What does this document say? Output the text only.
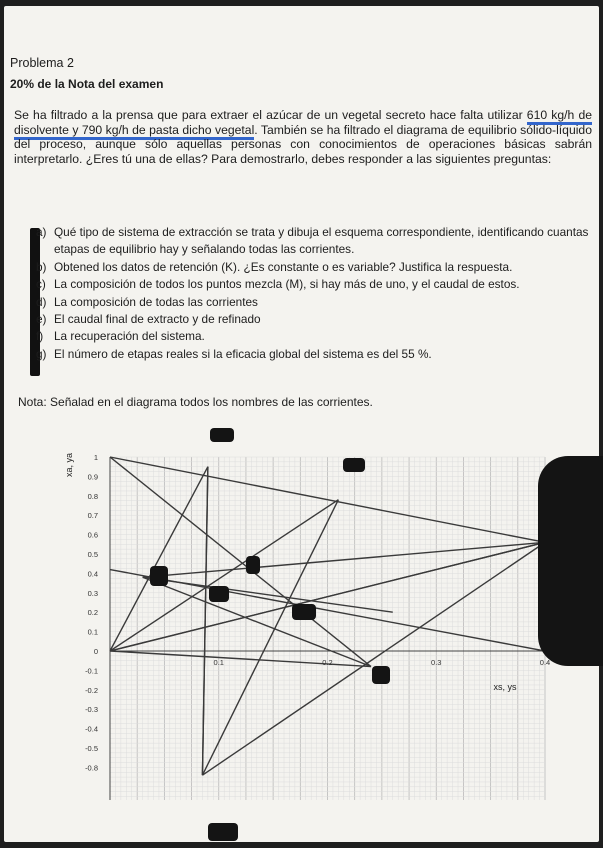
Problema 2
20% de la Nota del examen
Se ha filtrado a la prensa que para extraer el azúcar de un vegetal secreto hace falta utilizar 610 kg/h de disolvente y 790 kg/h de pasta dicho vegetal. También se ha filtrado el diagrama de equilibrio sólido-líquido del proceso, aunque sólo aquellas personas con conocimientos de operaciones básicas sabrán interpretarlo. ¿Eres tú una de ellas? Para demostrarlo, debes responder a las siguientes preguntas:
a) Qué tipo de sistema de extracción se trata y dibuja el esquema correspondiente, identificando cuantas etapas de equilibrio hay y señalando todas las corrientes.
b) Obtened los datos de retención (K). ¿Es constante o es variable? Justifica la respuesta.
c) La composición de todos los puntos mezcla (M), si hay más de uno, y el caudal de estos.
d) La composición de todas las corrientes
e) El caudal final de extracto y de refinado
f) La recuperación del sistema.
g) El número de etapas reales si la eficacia global del sistema es del 55 %.
Nota: Señalad en el diagrama todos los nombres de las corrientes.
1
0.9
0.8
0.7
0.6
0.5
0.4
0.3
0.2
0.1
0
-0.1
-0.2
-0.3
-0.4
-0.5
-0.8
0.1	0.2	0.3	0.4
xs, ys
xa, ya
